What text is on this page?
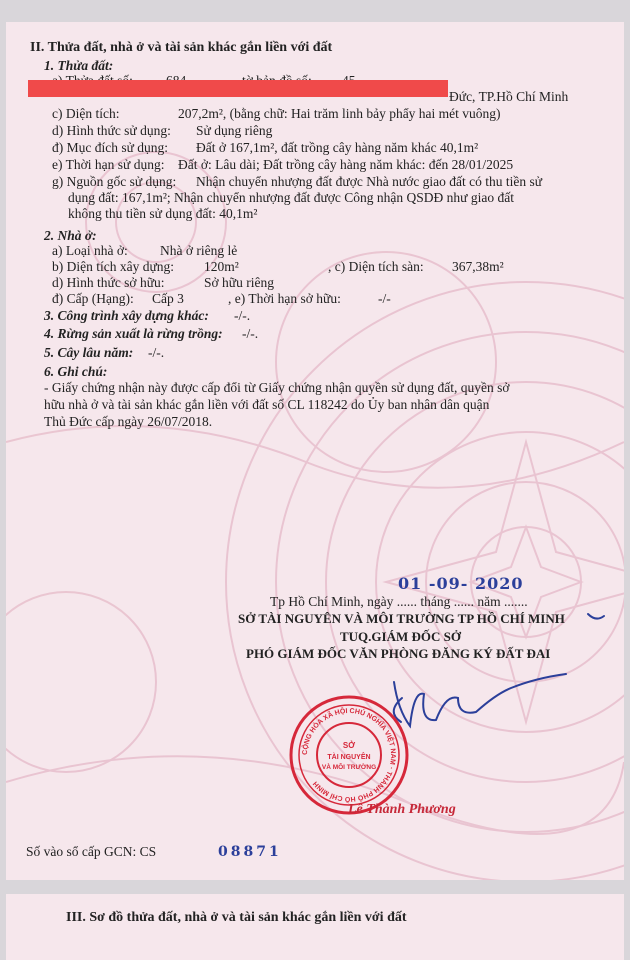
II. Thửa đất, nhà ở và tài sản khác gắn liền với đất
1. Thửa đất:
Đức, TP.Hồ Chí Minh
c) Diện tích:	207,2m², (bằng chữ: Hai trăm linh bảy phẩy hai mét vuông)
d) Hình thức sử dụng: Sử dụng riêng
đ) Mục đích sử dụng: Đất ở 167,1m², đất trồng cây hàng năm khác 40,1m²
e) Thời hạn sử dụng: Đất ở: Lâu dài; Đất trồng cây hàng năm khác: đến 28/01/2025
g) Nguồn gốc sử dụng: Nhận chuyển nhượng đất được Nhà nước giao đất có thu tiền sử
dụng đất: 167,1m²; Nhận chuyển nhượng đất được Công nhận QSDĐ như giao đất
không thu tiền sử dụng đất: 40,1m²
2. Nhà ở:
a) Loại nhà ở: Nhà ở riêng lẻ
b) Diện tích xây dựng: 120m²	, c) Diện tích sàn: 367,38m²
d) Hình thức sở hữu:	Sở hữu riêng
đ) Cấp (Hạng): Cấp 3	, e) Thời hạn sở hữu:	-/-
3. Công trình xây dựng khác: -/-.
4. Rừng sản xuất là rừng trồng: -/-.
5. Cây lâu năm: -/-.
6. Ghi chú:
- Giấy chứng nhận này được cấp đổi từ Giấy chứng nhận quyền sử dụng đất, quyền sở
hữu nhà ở và tài sản khác gắn liền với đất số CL 118242 do Ủy ban nhân dân quận
Thủ Đức cấp ngày 26/07/2018.
01 -09- 2020
Tp Hồ Chí Minh, ngày ...... tháng ...... năm .......
SỞ TÀI NGUYÊN VÀ MÔI TRƯỜNG TP HỒ CHÍ MINH
TUQ.GIÁM ĐỐC SỞ
PHÓ GIÁM ĐỐC VĂN PHÒNG ĐĂNG KÝ ĐẤT ĐAI
CỘNG HÒA XÃ HỘI CHỦ NGHĨA VIỆT NAM · THÀNH PHỐ HỒ CHÍ MINH
SỞ
TÀI NGUYÊN
VÀ MÔI TRƯỜNG
Lê Thành Phương
Số vào sổ cấp GCN: CS	08871
III. Sơ đồ thửa đất, nhà ở và tài sản khác gắn liền với đất
